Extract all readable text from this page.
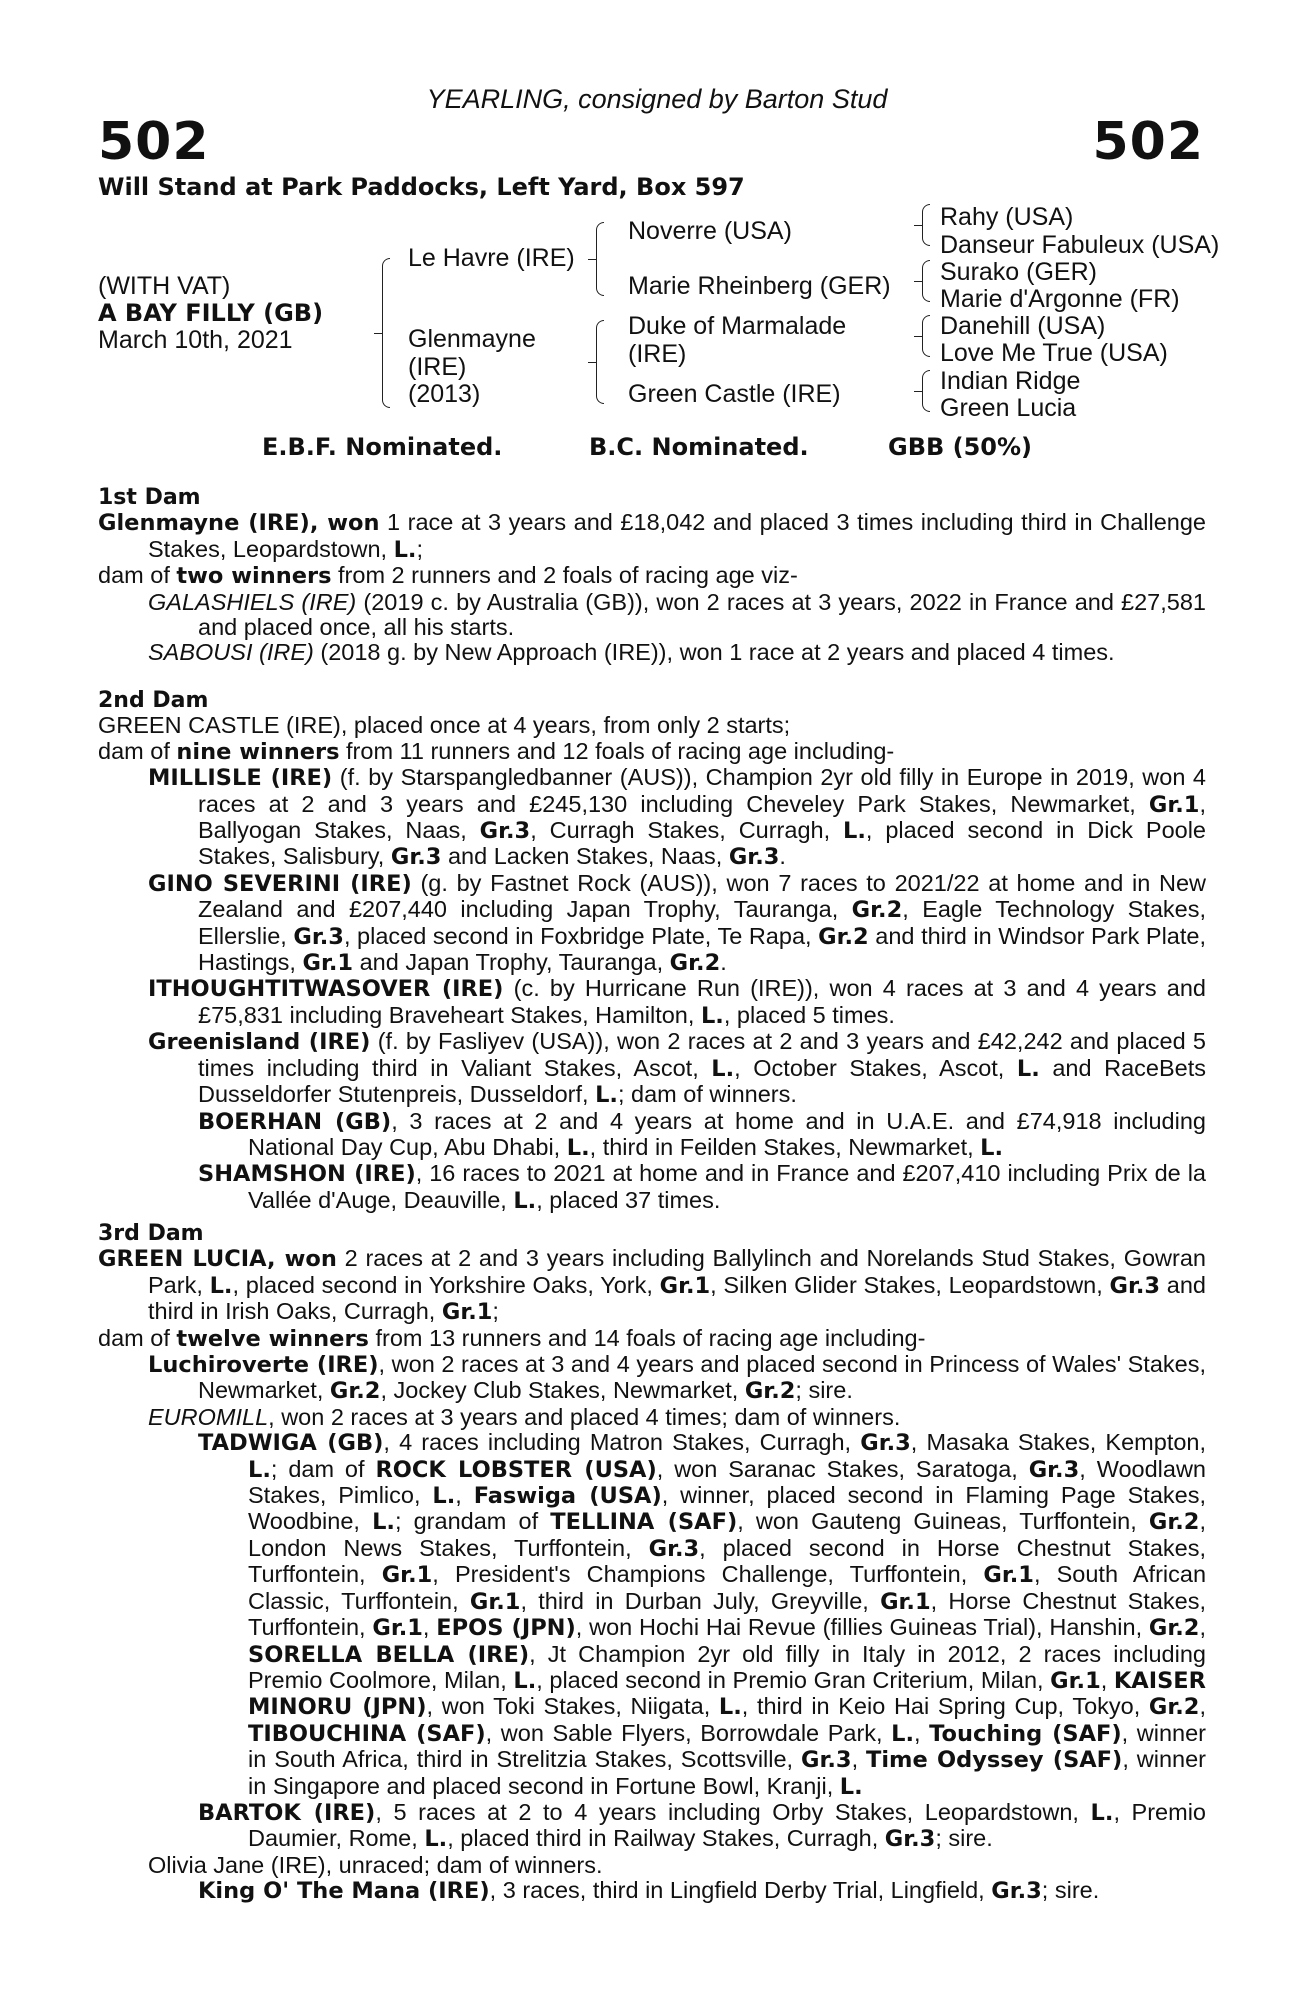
YEARLING, consigned by Barton Stud
502	502
Will Stand at Park Paddocks, Left Yard, Box 597
(WITH VAT)
A BAY FILLY (GB)
March 10th, 2021
Le Havre (IRE)
Glenmayne
(IRE)
(2013)
Noverre (USA)
Marie Rheinberg (GER)
Duke of Marmalade
(IRE)
Green Castle (IRE)
Rahy (USA)
Danseur Fabuleux (USA)
Surako (GER)
Marie d'Argonne (FR)
Danehill (USA)
Love Me True (USA)
Indian Ridge
Green Lucia
E.B.F. Nominated.	B.C. Nominated.	GBB (50%)
1st Dam

Glenmayne (IRE), won 1 race at 3 years and £18,042 and placed 3 times including third in Challenge Stakes, Leopardstown, L.;

dam of two winners from 2 runners and 2 foals of racing age viz-

GALASHIELS (IRE) (2019 c. by Australia (GB)), won 2 races at 3 years, 2022 in France and £27,581 and placed once, all his starts.

SABOUSI (IRE) (2018 g. by New Approach (IRE)), won 1 race at 2 years and placed 4 times.

2nd Dam

GREEN CASTLE (IRE), placed once at 4 years, from only 2 starts;

dam of nine winners from 11 runners and 12 foals of racing age including-

MILLISLE (IRE) (f. by Starspangledbanner (AUS)), Champion 2yr old filly in Europe in 2019, won 4 races at 2 and 3 years and £245,130 including Cheveley Park Stakes, Newmarket, Gr.1, Ballyogan Stakes, Naas, Gr.3, Curragh Stakes, Curragh, L., placed second in Dick Poole Stakes, Salisbury, Gr.3 and Lacken Stakes, Naas, Gr.3.

GINO SEVERINI (IRE) (g. by Fastnet Rock (AUS)), won 7 races to 2021/22 at home and in New Zealand and £207,440 including Japan Trophy, Tauranga, Gr.2, Eagle Technology Stakes, Ellerslie, Gr.3, placed second in Foxbridge Plate, Te Rapa, Gr.2 and third in Windsor Park Plate, Hastings, Gr.1 and Japan Trophy, Tauranga, Gr.2.

ITHOUGHTITWASOVER (IRE) (c. by Hurricane Run (IRE)), won 4 races at 3 and 4 years and £75,831 including Braveheart Stakes, Hamilton, L., placed 5 times.

Greenisland (IRE) (f. by Fasliyev (USA)), won 2 races at 2 and 3 years and £42,242 and placed 5 times including third in Valiant Stakes, Ascot, L., October Stakes, Ascot, L. and RaceBets Dusseldorfer Stutenpreis, Dusseldorf, L.; dam of winners.

BOERHAN (GB), 3 races at 2 and 4 years at home and in U.A.E. and £74,918 including National Day Cup, Abu Dhabi, L., third in Feilden Stakes, Newmarket, L.

SHAMSHON (IRE), 16 races to 2021 at home and in France and £207,410 including Prix de la Vallée d'Auge, Deauville, L., placed 37 times.

3rd Dam

GREEN LUCIA, won 2 races at 2 and 3 years including Ballylinch and Norelands Stud Stakes, Gowran Park, L., placed second in Yorkshire Oaks, York, Gr.1, Silken Glider Stakes, Leopardstown, Gr.3 and third in Irish Oaks, Curragh, Gr.1;

dam of twelve winners from 13 runners and 14 foals of racing age including-

Luchiroverte (IRE), won 2 races at 3 and 4 years and placed second in Princess of Wales' Stakes, Newmarket, Gr.2, Jockey Club Stakes, Newmarket, Gr.2; sire.

EUROMILL, won 2 races at 3 years and placed 4 times; dam of winners.

TADWIGA (GB), 4 races including Matron Stakes, Curragh, Gr.3, Masaka Stakes, Kempton, L.; dam of ROCK LOBSTER (USA), won Saranac Stakes, Saratoga, Gr.3, Woodlawn Stakes, Pimlico, L., Faswiga (USA), winner, placed second in Flaming Page Stakes, Woodbine, L.; grandam of TELLINA (SAF), won Gauteng Guineas, Turffontein, Gr.2, London News Stakes, Turffontein, Gr.3, placed second in Horse Chestnut Stakes, Turffontein, Gr.1, President's Champions Challenge, Turffontein, Gr.1, South African Classic, Turffontein, Gr.1, third in Durban July, Greyville, Gr.1, Horse Chestnut Stakes, Turffontein, Gr.1, EPOS (JPN), won Hochi Hai Revue (fillies Guineas Trial), Hanshin, Gr.2, SORELLA BELLA (IRE), Jt Champion 2yr old filly in Italy in 2012, 2 races including Premio Coolmore, Milan, L., placed second in Premio Gran Criterium, Milan, Gr.1, KAISER MINORU (JPN), won Toki Stakes, Niigata, L., third in Keio Hai Spring Cup, Tokyo, Gr.2, TIBOUCHINA (SAF), won Sable Flyers, Borrowdale Park, L., Touching (SAF), winner in South Africa, third in Strelitzia Stakes, Scottsville, Gr.3, Time Odyssey (SAF), winner in Singapore and placed second in Fortune Bowl, Kranji, L.

BARTOK (IRE), 5 races at 2 to 4 years including Orby Stakes, Leopardstown, L., Premio Daumier, Rome, L., placed third in Railway Stakes, Curragh, Gr.3; sire.

Olivia Jane (IRE), unraced; dam of winners.

King O' The Mana (IRE), 3 races, third in Lingfield Derby Trial, Lingfield, Gr.3; sire.
